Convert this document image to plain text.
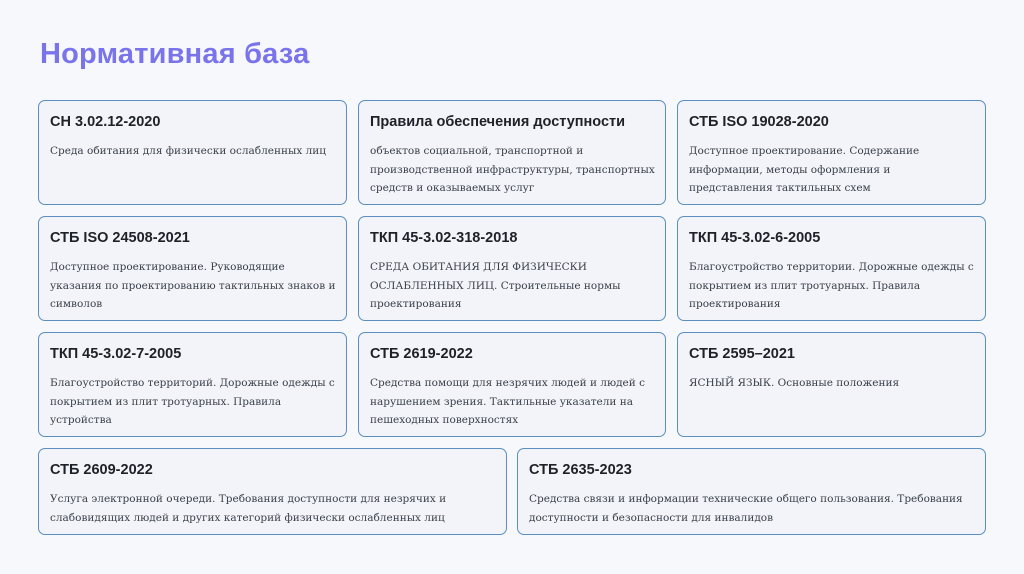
Нормативная база
СН 3.02.12-2020
Среда обитания для физически ослабленных лиц
Правила обеспечения доступности
объектов социальной, транспортной и производственной инфраструктуры, транспортных средств и оказываемых услуг
СТБ ISO 19028-2020
Доступное проектирование. Содержание информации, методы оформления и представления тактильных схем
СТБ ISO 24508-2021
Доступное проектирование. Руководящие указания по проектированию тактильных знаков и символов
ТКП 45-3.02-318-2018
СРЕДА ОБИТАНИЯ ДЛЯ ФИЗИЧЕСКИ ОСЛАБЛЕННЫХ ЛИЦ. Строительные нормы проектирования
ТКП 45-3.02-6-2005
Благоустройство территории. Дорожные одежды с покрытием из плит тротуарных. Правила проектирования
ТКП 45-3.02-7-2005
Благоустройство территорий. Дорожные одежды с покрытием из плит тротуарных. Правила устройства
СТБ 2619-2022
Средства помощи для незрячих людей и людей с нарушением зрения. Тактильные указатели на пешеходных поверхностях
СТБ 2595–2021
ЯСНЫЙ ЯЗЫК. Основные положения
СТБ 2609-2022
Услуга электронной очереди. Требования доступности для незрячих и слабовидящих людей и других категорий физически ослабленных лиц
СТБ 2635-2023
Средства связи и информации технические общего пользования. Требования доступности и безопасности для инвалидов
